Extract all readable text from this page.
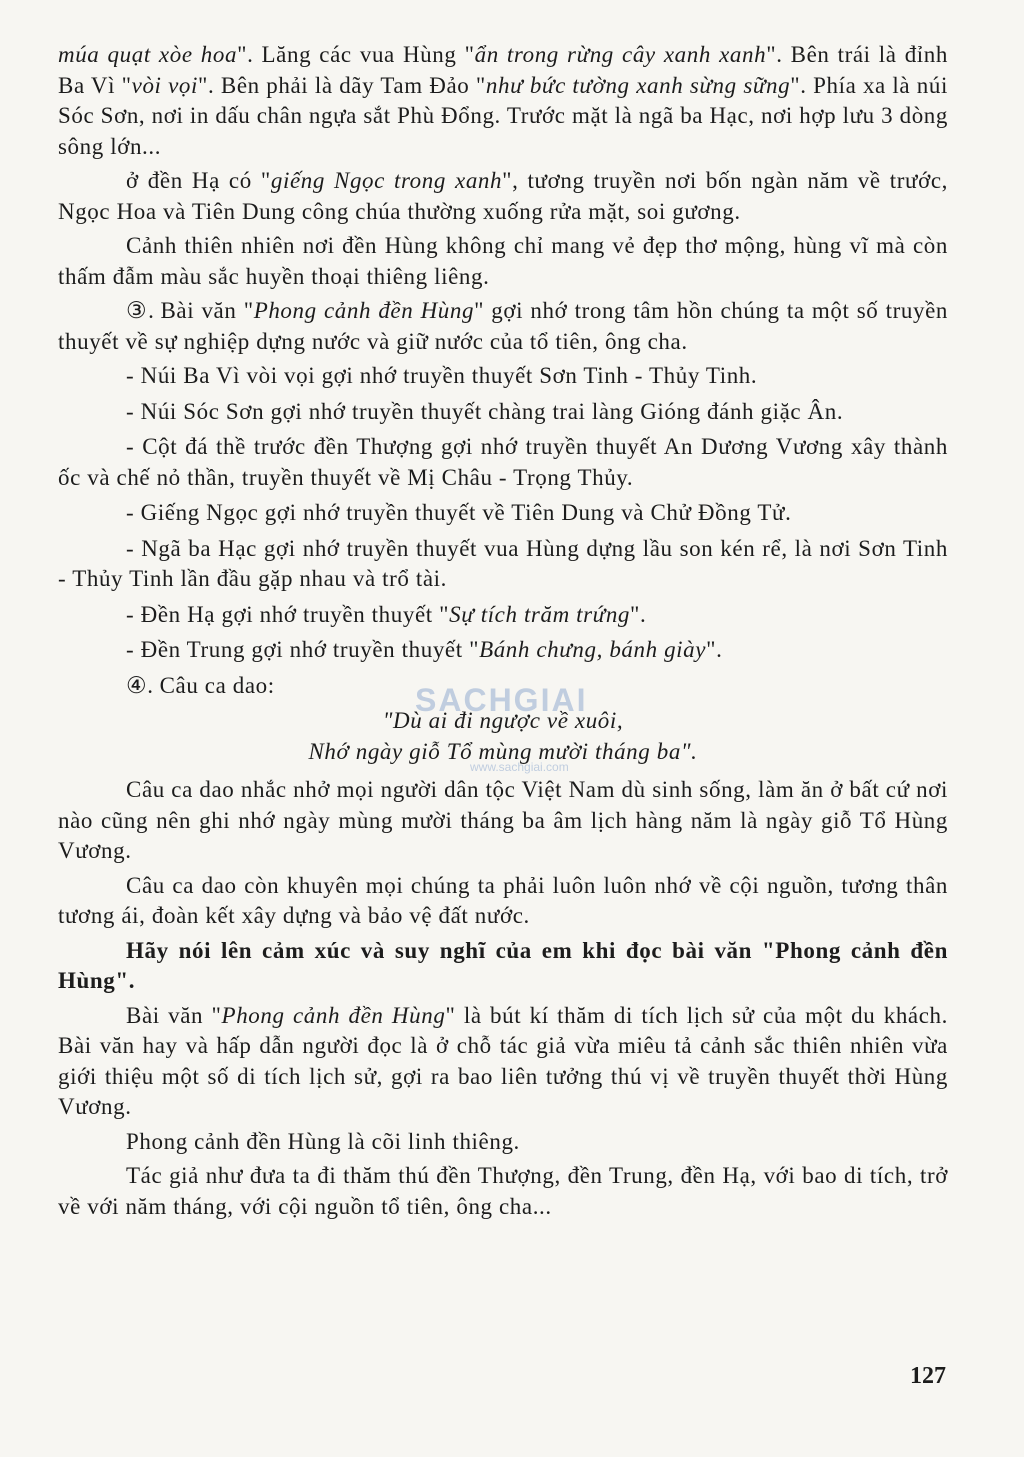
múa quạt xòe hoa". Lăng các vua Hùng "ẩn trong rừng cây xanh xanh". Bên trái là đỉnh Ba Vì "vòi vọi". Bên phải là dãy Tam Đảo "như bức tường xanh sừng sững". Phía xa là núi Sóc Sơn, nơi in dấu chân ngựa sắt Phù Đổng. Trước mặt là ngã ba Hạc, nơi hợp lưu 3 dòng sông lớn...

ở đền Hạ có "giếng Ngọc trong xanh", tương truyền nơi bốn ngàn năm về trước, Ngọc Hoa và Tiên Dung công chúa thường xuống rửa mặt, soi gương.

Cảnh thiên nhiên nơi đền Hùng không chỉ mang vẻ đẹp thơ mộng, hùng vĩ mà còn thấm đẫm màu sắc huyền thoại thiêng liêng.

③. Bài văn "Phong cảnh đền Hùng" gợi nhớ trong tâm hồn chúng ta một số truyền thuyết về sự nghiệp dựng nước và giữ nước của tổ tiên, ông cha.

- Núi Ba Vì vòi vọi gợi nhớ truyền thuyết Sơn Tinh - Thủy Tinh.

- Núi Sóc Sơn gợi nhớ truyền thuyết chàng trai làng Gióng đánh giặc Ân.

- Cột đá thề trước đền Thượng gợi nhớ truyền thuyết An Dương Vương xây thành ốc và chế nỏ thần, truyền thuyết về Mị Châu - Trọng Thủy.

- Giếng Ngọc gợi nhớ truyền thuyết về Tiên Dung và Chử Đồng Tử.

- Ngã ba Hạc gợi nhớ truyền thuyết vua Hùng dựng lầu son kén rể, là nơi Sơn Tinh - Thủy Tinh lần đầu gặp nhau và trổ tài.

- Đền Hạ gợi nhớ truyền thuyết "Sự tích trăm trứng".

- Đền Trung gợi nhớ truyền thuyết "Bánh chưng, bánh giày".

④. Câu ca dao:

"Dù ai đi ngược về xuôi,
Nhớ ngày giỗ Tổ mùng mười tháng ba".

Câu ca dao nhắc nhở mọi người dân tộc Việt Nam dù sinh sống, làm ăn ở bất cứ nơi nào cũng nên ghi nhớ ngày mùng mười tháng ba âm lịch hàng năm là ngày giỗ Tổ Hùng Vương.

Câu ca dao còn khuyên mọi chúng ta phải luôn luôn nhớ về cội nguồn, tương thân tương ái, đoàn kết xây dựng và bảo vệ đất nước.

Hãy nói lên cảm xúc và suy nghĩ của em khi đọc bài văn "Phong cảnh đền Hùng".

Bài văn "Phong cảnh đền Hùng" là bút kí thăm di tích lịch sử của một du khách. Bài văn hay và hấp dẫn người đọc là ở chỗ tác giả vừa miêu tả cảnh sắc thiên nhiên vừa giới thiệu một số di tích lịch sử, gợi ra bao liên tưởng thú vị về truyền thuyết thời Hùng Vương.

Phong cảnh đền Hùng là cõi linh thiêng.

Tác giả như đưa ta đi thăm thú đền Thượng, đền Trung, đền Hạ, với bao di tích, trở về với năm tháng, với cội nguồn tổ tiên, ông cha...

SACHGIAI
www.sachgiai.com
127
